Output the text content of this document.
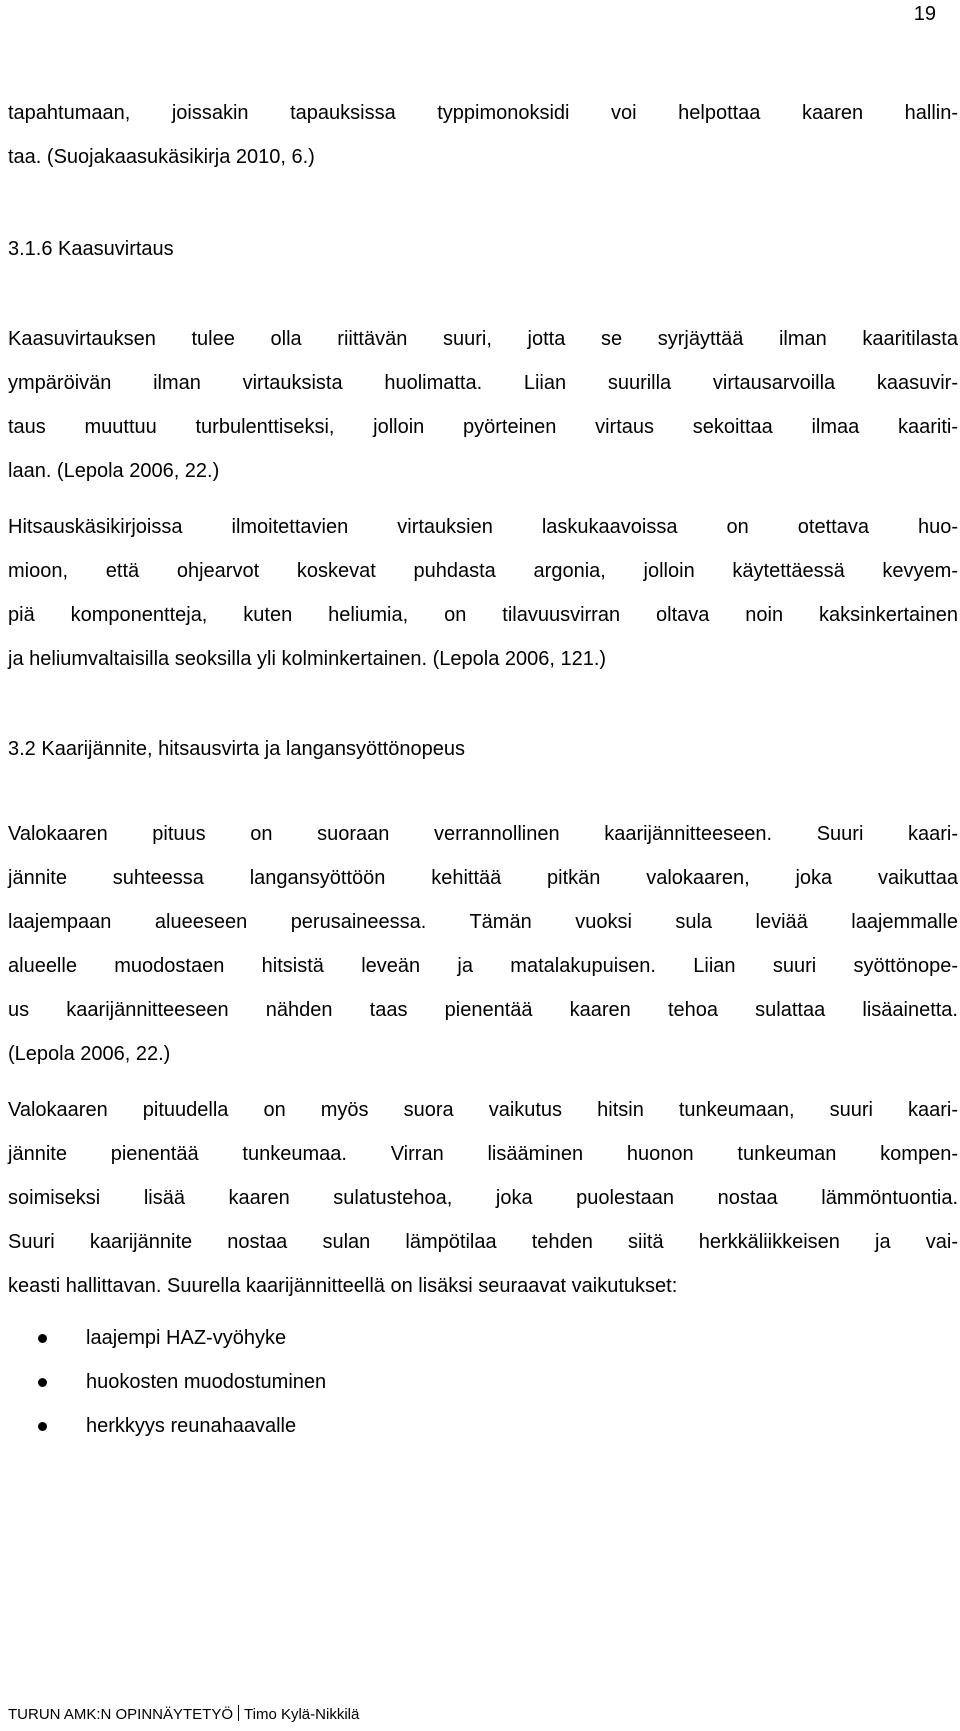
19
tapahtumaan, joissakin tapauksissa typpimonoksidi voi helpottaa kaaren hallin-
taa. (Suojakaasukäsikirja 2010, 6.)
3.1.6 Kaasuvirtaus
Kaasuvirtauksen tulee olla riittävän suuri, jotta se syrjäyttää ilman kaaritilasta
ympäröivän ilman virtauksista huolimatta. Liian suurilla virtausarvoilla kaasuvir-
taus muuttuu turbulenttiseksi, jolloin pyörteinen virtaus sekoittaa ilmaa kaariti-
laan. (Lepola 2006, 22.)
Hitsauskäsikirjoissa ilmoitettavien virtauksien laskukaavoissa on otettava huo-
mioon, että ohjearvot koskevat puhdasta argonia, jolloin käytettäessä kevyem-
piä komponentteja, kuten heliumia, on tilavuusvirran oltava noin kaksinkertainen
ja heliumvaltaisilla seoksilla yli kolminkertainen. (Lepola 2006, 121.)
3.2 Kaarijännite, hitsausvirta ja langansyöttönopeus
Valokaaren pituus on suoraan verrannollinen kaarijännitteeseen. Suuri kaari-
jännite suhteessa langansyöttöön kehittää pitkän valokaaren, joka vaikuttaa
laajempaan alueeseen perusaineessa. Tämän vuoksi sula leviää laajemmalle
alueelle muodostaen hitsistä leveän ja matalakupuisen. Liian suuri syöttönope-
us kaarijännitteeseen nähden taas pienentää kaaren tehoa sulattaa lisäainetta.
(Lepola 2006, 22.)
Valokaaren pituudella on myös suora vaikutus hitsin tunkeumaan, suuri kaari-
jännite pienentää tunkeumaa. Virran lisääminen huonon tunkeuman kompen-
soimiseksi lisää kaaren sulatustehoa, joka puolestaan nostaa lämmöntuontia.
Suuri kaarijännite nostaa sulan lämpötilaa tehden siitä herkkäliikkeisen ja vai-
keasti hallittavan. Suurella kaarijännitteellä on lisäksi seuraavat vaikutukset:
laajempi HAZ-vyöhyke
huokosten muodostuminen
herkkyys reunahaavalle
TURUN AMK:N OPINNÄYTETYÖ Timo Kylä-Nikkilä
